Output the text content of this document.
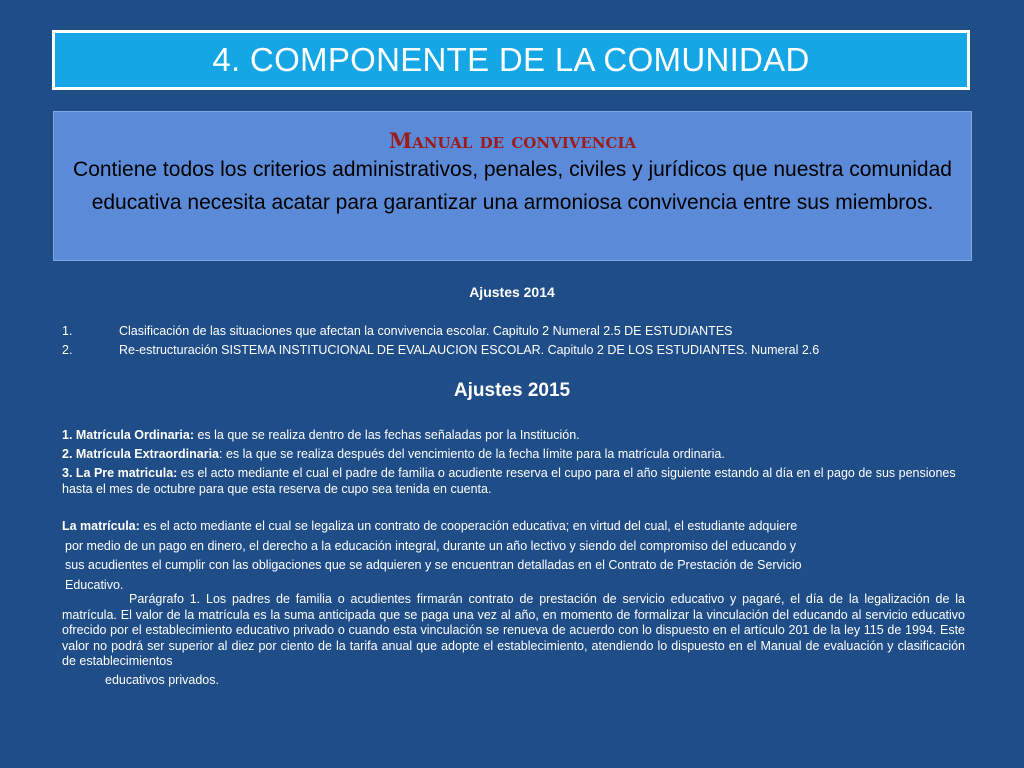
4. COMPONENTE DE LA COMUNIDAD
Manual de convivencia
Contiene todos los criterios administrativos, penales, civiles y jurídicos que nuestra comunidad educativa necesita acatar para garantizar una armoniosa convivencia entre sus miembros.
Ajustes 2014
1.	Clasificación de las situaciones que afectan la convivencia escolar. Capitulo 2 Numeral 2.5 DE ESTUDIANTES
2.	Re-estructuración SISTEMA INSTITUCIONAL DE EVALAUCION ESCOLAR. Capitulo 2 DE LOS ESTUDIANTES. Numeral 2.6
Ajustes 2015

1. Matrícula Ordinaria: es la que se realiza dentro de las fechas señaladas por la Institución.

2. Matrícula Extraordinaria: es la que se realiza después del vencimiento de la fecha límite para la matrícula ordinaria.

3. La Pre matricula: es el acto mediante el cual el padre de familia o acudiente reserva el cupo para el año siguiente estando al día en el pago de sus pensiones hasta el mes de octubre para que esta reserva de cupo sea tenida en cuenta.

La matrícula: es el acto mediante el cual se legaliza un contrato de cooperación educativa; en virtud del cual, el estudiante adquiere
por medio de un pago en dinero, el derecho a la educación integral, durante un año lectivo y siendo del compromiso del educando y
sus acudientes el cumplir con las obligaciones que se adquieren y se encuentran detalladas en el Contrato de Prestación de Servicio
Educativo.
Parágrafo 1. Los padres de familia o acudientes firmarán contrato de prestación de servicio educativo y pagaré, el día de la legalización de la matrícula. El valor de la matrícula es la suma anticipada que se paga una vez al año, en momento de formalizar la vinculación del educando al servicio educativo ofrecido por el establecimiento educativo privado o cuando esta vinculación se renueva de acuerdo con lo dispuesto en el artículo 201 de la ley 115 de 1994. Este valor no podrá ser superior al diez por ciento de la tarifa anual que adopte el establecimiento, atendiendo lo dispuesto en el Manual de evaluación y clasificación de establecimientos
educativos privados.
